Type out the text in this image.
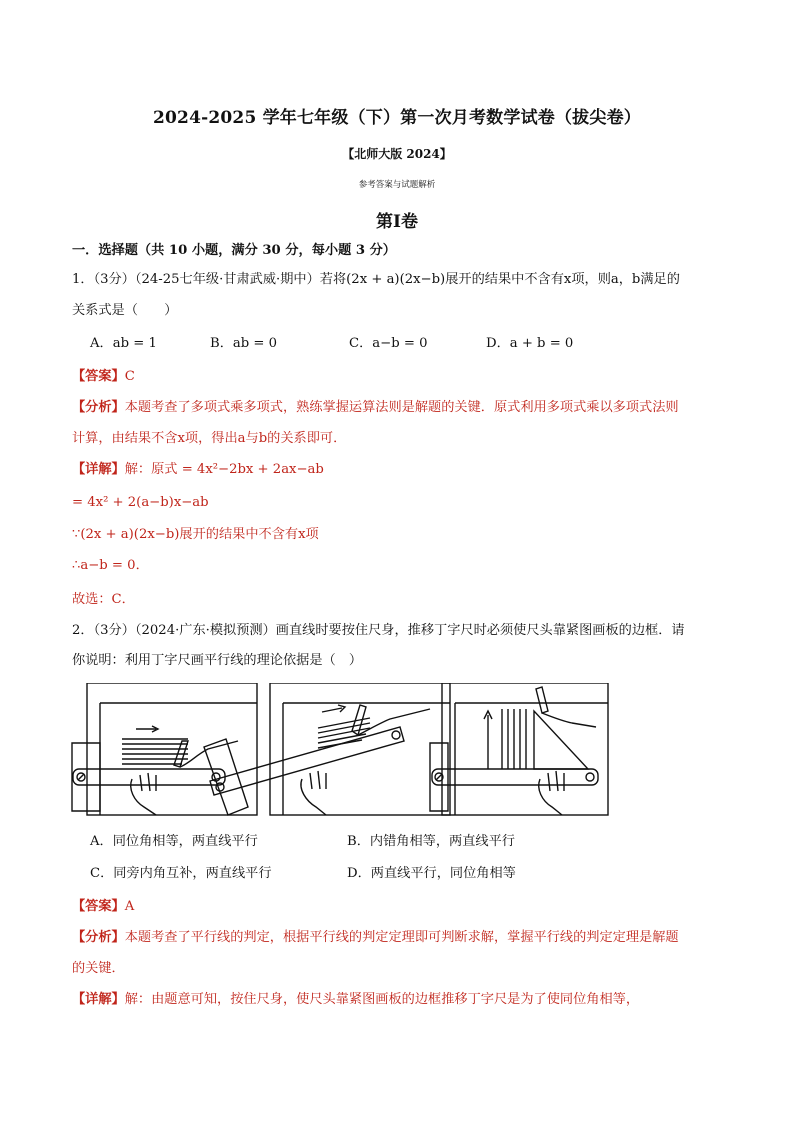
2024-2025 学年七年级（下）第一次月考数学试卷（拔尖卷）
【北师大版 2024】
参考答案与试题解析
第Ⅰ卷
一．选择题（共 10 小题，满分 30 分，每小题 3 分）
1．（3分）（24-25七年级·甘肃武威·期中）若将(2x + a)(2x−b)展开的结果中不含有x项，则a，b满足的
关系式是（　　）
A．ab = 1	B．ab = 0	C．a−b = 0	D．a + b = 0
【答案】C
【分析】本题考查了多项式乘多项式，熟练掌握运算法则是解题的关键．原式利用多项式乘以多项式法则
计算，由结果不含x项，得出a与b的关系即可．
【详解】解：原式 = 4x²−2bx + 2ax−ab
= 4x² + 2(a−b)x−ab
∵(2x + a)(2x−b)展开的结果中不含有x项
∴a−b = 0．
故选：C．
2．（3分）（2024·广东·模拟预测）画直线时要按住尺身，推移丁字尺时必须使尺头靠紧图画板的边框．请
你说明：利用丁字尺画平行线的理论依据是（　）
A．同位角相等，两直线平行	B．内错角相等，两直线平行
C．同旁内角互补，两直线平行	D．两直线平行，同位角相等
【答案】A
【分析】本题考查了平行线的判定，根据平行线的判定定理即可判断求解，掌握平行线的判定定理是解题
的关键．
【详解】解：由题意可知，按住尺身，使尺头靠紧图画板的边框推移丁字尺是为了使同位角相等，
